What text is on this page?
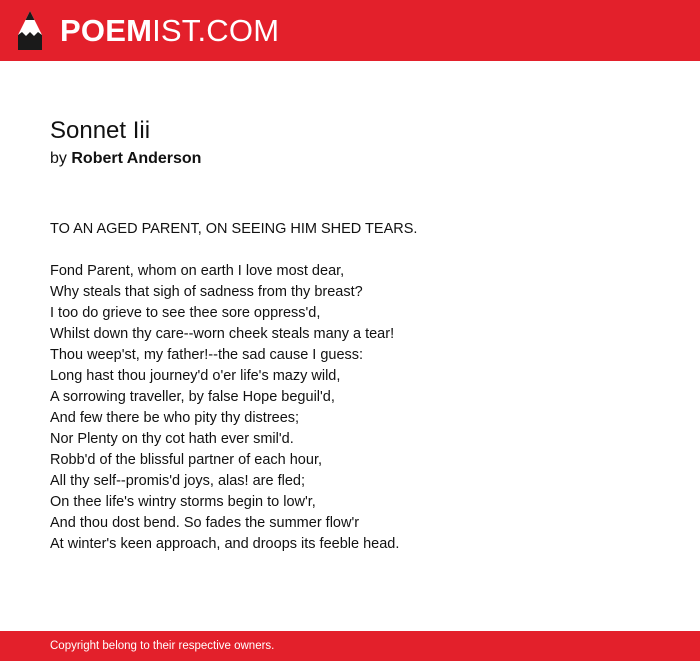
POEMIST.COM
Sonnet Iii
by Robert Anderson
TO AN AGED PARENT, ON SEEING HIM SHED TEARS.
Fond Parent, whom on earth I love most dear,
Why steals that sigh of sadness from thy breast?
I too do grieve to see thee sore oppress'd,
Whilst down thy care--worn cheek steals many a tear!
Thou weep'st, my father!--the sad cause I guess:
Long hast thou journey'd o'er life's mazy wild,
A sorrowing traveller, by false Hope beguil'd,
And few there be who pity thy distrees;
Nor Plenty on thy cot hath ever smil'd.
Robb'd of the blissful partner of each hour,
All thy self--promis'd joys, alas! are fled;
On thee life's wintry storms begin to low'r,
And thou dost bend. So fades the summer flow'r
At winter's keen approach, and droops its feeble head.
Copyright belong to their respective owners.
